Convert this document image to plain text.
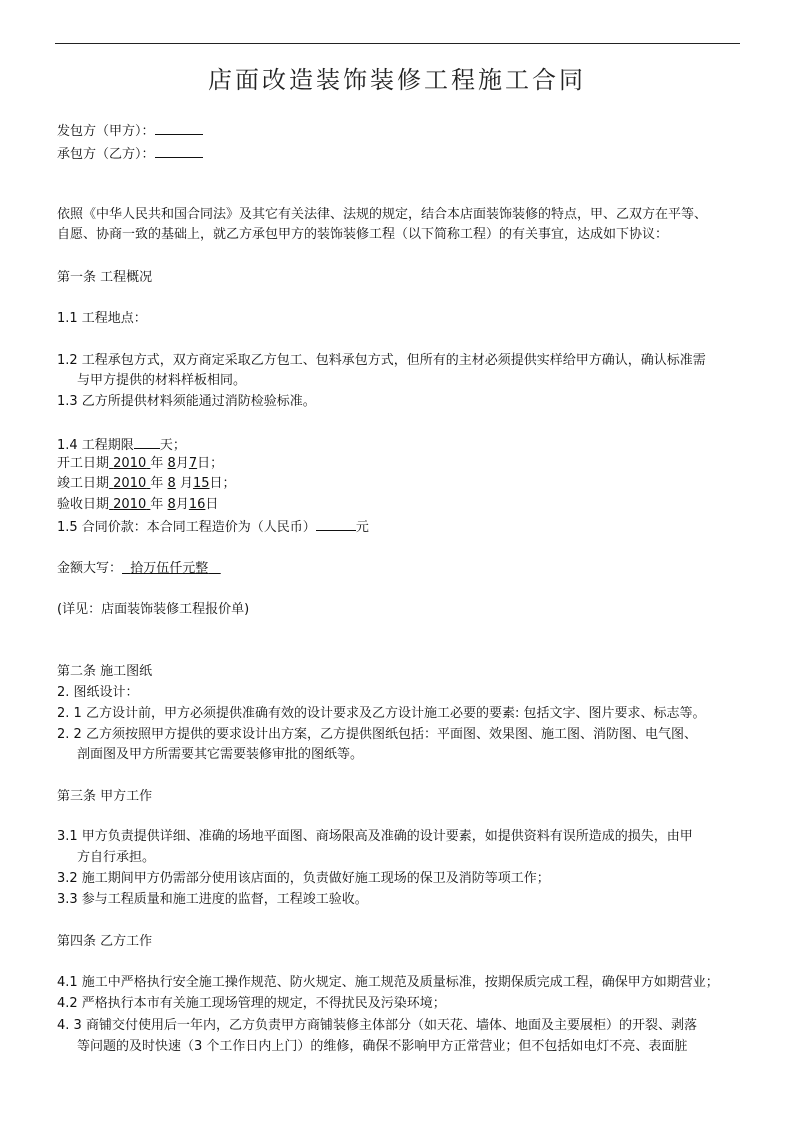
店面改造装饰装修工程施工合同
发包方（甲方）：
承包方（乙方）：
依照《中华人民共和国合同法》及其它有关法律、法规的规定，结合本店面装饰装修的特点，甲、乙双方在平等、
自愿、协商一致的基础上，就乙方承包甲方的装饰装修工程（以下简称工程）的有关事宜，达成如下协议：
第一条 工程概况
1.1 工程地点：
1.2 工程承包方式，双方商定采取乙方包工、包料承包方式，但所有的主材必须提供实样给甲方确认，确认标准需
与甲方提供的材料样板相同。
1.3 乙方所提供材料须能通过消防检验标准。
1.4 工程期限 天；
开工日期 2010 年 8月7日；
竣工日期 2010 年 8 月15日；
验收日期 2010 年 8月16日
1.5 合同价款：本合同工程造价为（人民币）	元
金额大写： 拾万伍仟元整
(详见：店面装饰装修工程报价单)
第二条 施工图纸
2. 图纸设计：
2. 1 乙方设计前，甲方必须提供准确有效的设计要求及乙方设计施工必要的要素: 包括文字、图片要求、标志等。
2. 2 乙方须按照甲方提供的要求设计出方案，乙方提供图纸包括：平面图、效果图、施工图、消防图、电气图、
剖面图及甲方所需要其它需要装修审批的图纸等。
第三条 甲方工作
3.1 甲方负责提供详细、准确的场地平面图、商场限高及准确的设计要素，如提供资料有误所造成的损失，由甲
方自行承担。
3.2 施工期间甲方仍需部分使用该店面的，负责做好施工现场的保卫及消防等项工作；
3.3 参与工程质量和施工进度的监督，工程竣工验收。
第四条 乙方工作
4.1 施工中严格执行安全施工操作规范、防火规定、施工规范及质量标准，按期保质完成工程，确保甲方如期营业；
4.2 严格执行本市有关施工现场管理的规定，不得扰民及污染环境；
4. 3 商铺交付使用后一年内，乙方负责甲方商铺装修主体部分（如天花、墙体、地面及主要展柜）的开裂、剥落
等问题的及时快速（3 个工作日内上门）的维修，确保不影响甲方正常营业；但不包括如电灯不亮、表面脏
